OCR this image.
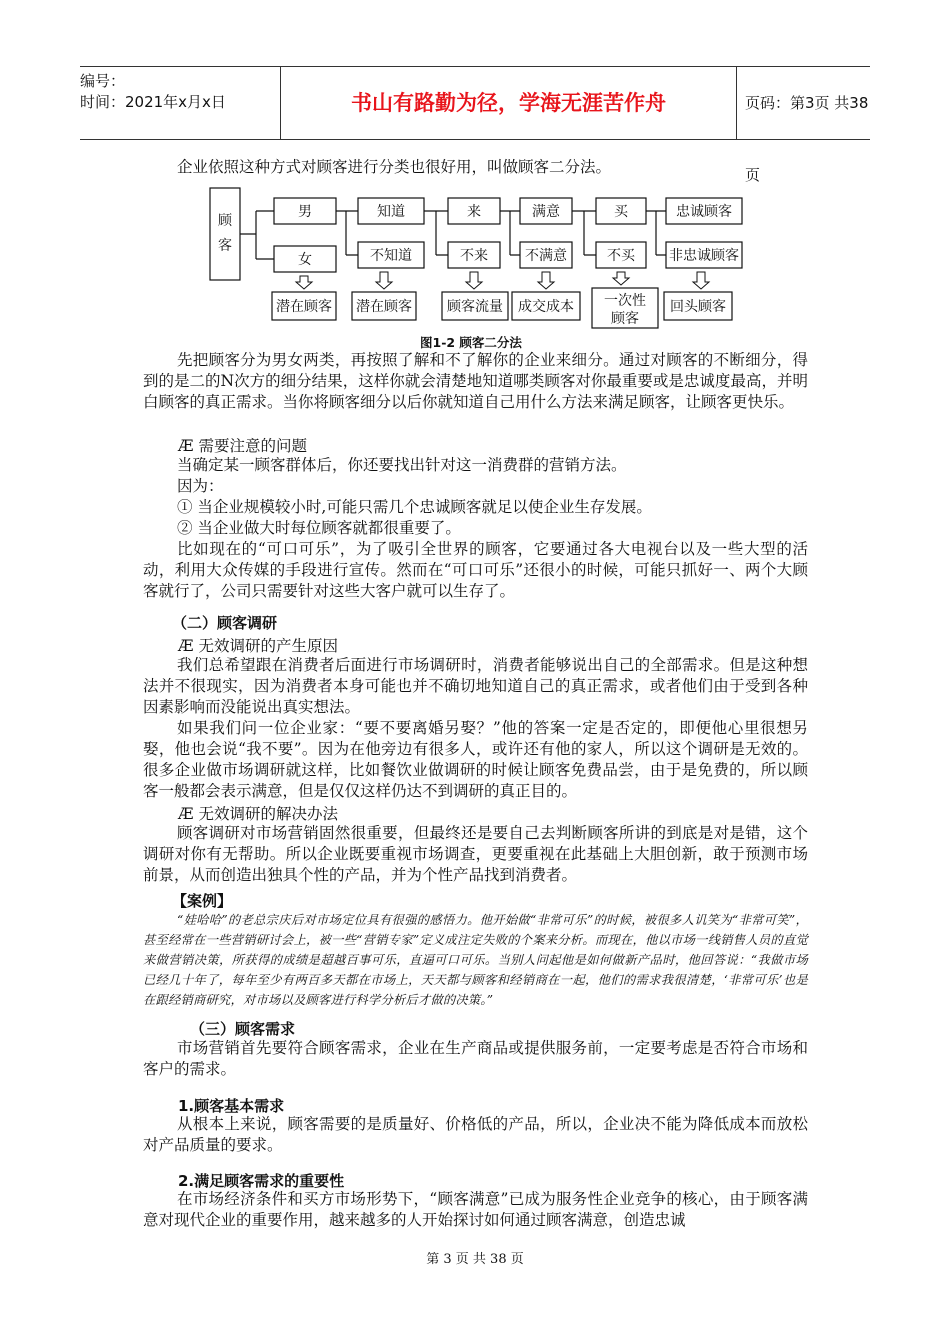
编号：
时间：2021年x月x日	书山有路勤为径，学海无涯苦作舟	页码：第3页 共38页
企业依照这种方式对顾客进行分类也很好用，叫做顾客二分法。
顾
客
男
女
知道
不知道
来
不来
满意
不满意
买
不买
忠诚顾客
非忠诚顾客
潜在顾客 潜在顾客	顾客流量 成交成本 一次性
顾客
回头顾客
图1-2 顾客二分法
先把顾客分为男女两类，再按照了解和不了解你的企业来细分。通过对顾客的不断细分，得到的是二的N次方的细分结果，这样你就会清楚地知道哪类顾客对你最重要或是忠诚度最高，并明白顾客的真正需求。当你将顾客细分以后你就知道自己用什么方法来满足顾客，让顾客更快乐。
Æ 需要注意的问题
当确定某一顾客群体后，你还要找出针对这一消费群的营销方法。
因为：
① 当企业规模较小时,可能只需几个忠诚顾客就足以使企业生存发展。
② 当企业做大时每位顾客就都很重要了。
比如现在的“可口可乐”，为了吸引全世界的顾客，它要通过各大电视台以及一些大型的活动，利用大众传媒的手段进行宣传。然而在“可口可乐”还很小的时候，可能只抓好一、两个大顾客就行了，公司只需要针对这些大客户就可以生存了。
（二）顾客调研
Æ 无效调研的产生原因
我们总希望跟在消费者后面进行市场调研时，消费者能够说出自己的全部需求。但是这种想法并不很现实，因为消费者本身可能也并不确切地知道自己的真正需求，或者他们由于受到各种因素影响而没能说出真实想法。
如果我们问一位企业家：“要不要离婚另娶？”他的答案一定是否定的，即便他心里很想另娶，他也会说“我不要”。因为在他旁边有很多人，或许还有他的家人，所以这个调研是无效的。很多企业做市场调研就这样，比如餐饮业做调研的时候让顾客免费品尝，由于是免费的，所以顾客一般都会表示满意，但是仅仅这样仍达不到调研的真正目的。
Æ 无效调研的解决办法
顾客调研对市场营销固然很重要，但最终还是要自己去判断顾客所讲的到底是对是错，这个调研对你有无帮助。所以企业既要重视市场调查，更要重视在此基础上大胆创新，敢于预测市场前景，从而创造出独具个性的产品，并为个性产品找到消费者。
【案例】
“娃哈哈”的老总宗庆后对市场定位具有很强的感悟力。他开始做“非常可乐”的时候，被很多人讥笑为“非常可笑”，甚至经常在一些营销研讨会上，被一些“营销专家”定义成注定失败的个案来分析。而现在，他以市场一线销售人员的直觉来做营销决策，所获得的成绩是超越百事可乐，直逼可口可乐。当别人问起他是如何做新产品时，他回答说：“我做市场已经几十年了，每年至少有两百多天都在市场上，天天都与顾客和经销商在一起，他们的需求我很清楚，‘非常可乐’也是在跟经销商研究，对市场以及顾客进行科学分析后才做的决策。”
（三）顾客需求
市场营销首先要符合顾客需求，企业在生产商品或提供服务前，一定要考虑是否符合市场和客户的需求。
1.顾客基本需求
从根本上来说，顾客需要的是质量好、价格低的产品，所以，企业决不能为降低成本而放松对产品质量的要求。
2.满足顾客需求的重要性
在市场经济条件和买方市场形势下，“顾客满意”已成为服务性企业竞争的核心，由于顾客满意对现代企业的重要作用，越来越多的人开始探讨如何通过顾客满意，创造忠诚
第 3 页 共 38 页
